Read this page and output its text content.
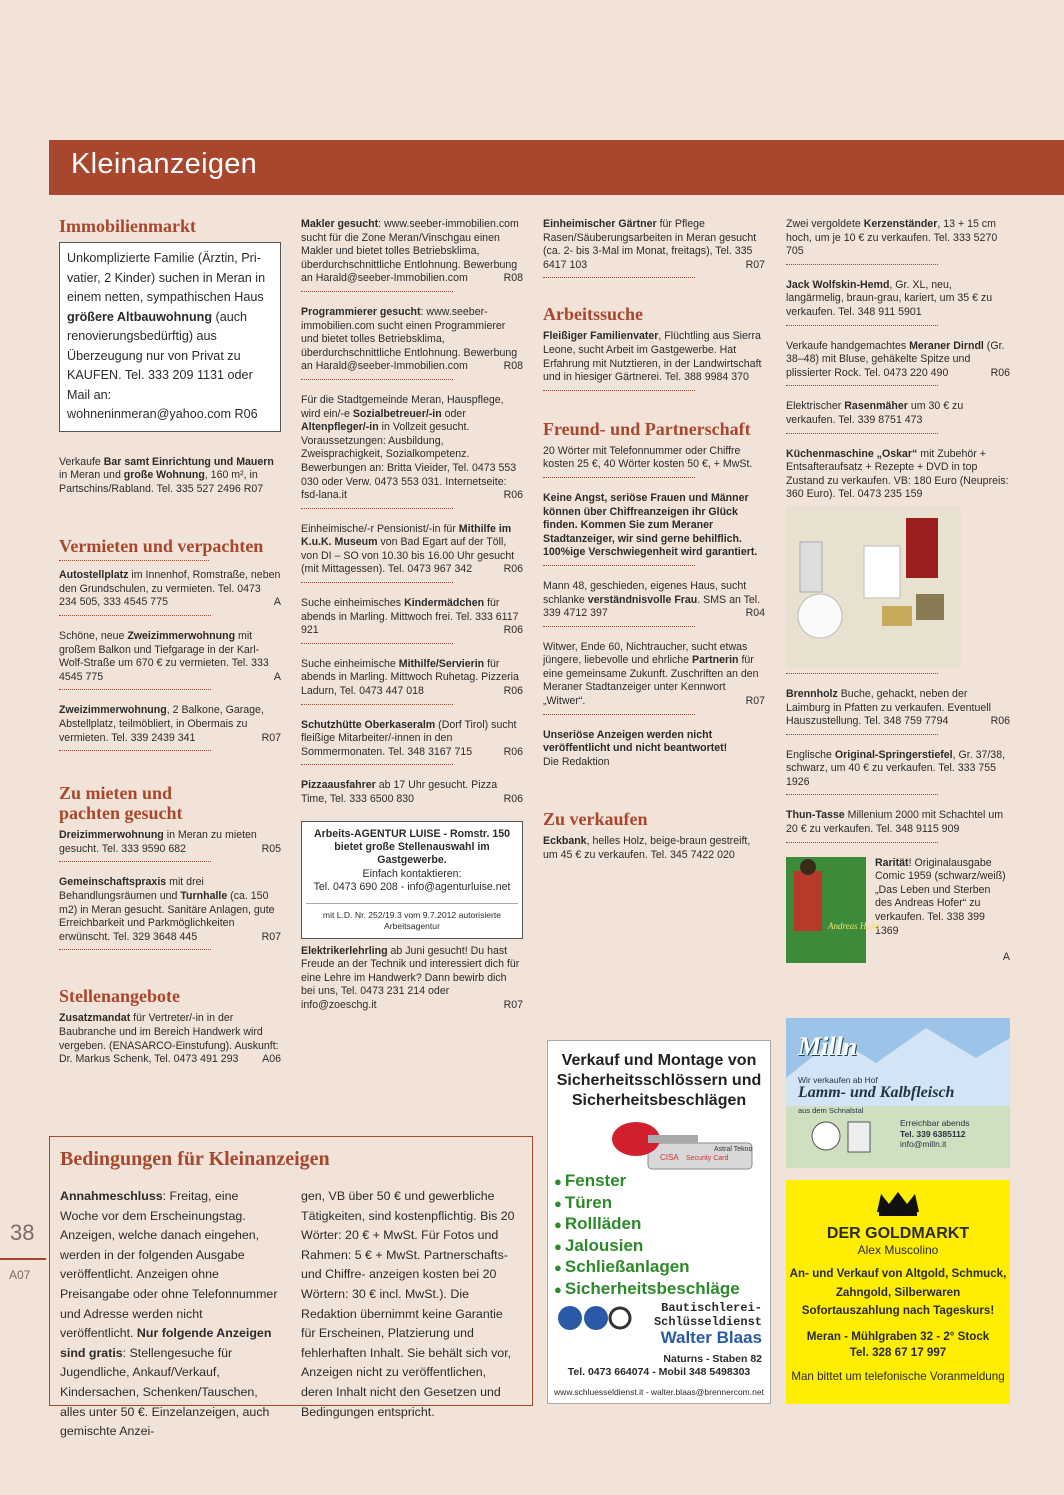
Kleinanzeigen
Immobilienmarkt
Unkomplizierte Familie (Ärztin, Pri- vatier, 2 Kinder) suchen in Meran in einem netten, sympathischen Haus größere Altbauwohnung (auch renovierungsbedürftig) aus Überzeugung nur von Privat zu KAUFEN. Tel. 333 209 1131 oder Mail an: wohneninmeran@yahoo.com R06

Verkaufe Bar samt Einrichtung und Mauern in Meran und große Wohnung, 160 m², in Partschins/Rabland. Tel. 335 527 2496 R07

Vermieten und verpachten

Autostellplatz im Innenhof, Romstraße, neben den Grundschulen, zu vermieten. Tel. 0473 234 505, 333 4545 775	A

Schöne, neue Zweizimmerwohnung mit großem Balkon und Tiefgarage in der Karl-Wolf-Straße um 670 € zu vermieten. Tel. 333 4545 775	A

Zweizimmerwohnung, 2 Balkone, Garage, Abstellplatz, teilmöbliert, in Obermais zu vermieten. Tel. 339 2439 341	R07
Zu mieten und
pachten gesucht

Dreizimmerwohnung in Meran zu mieten gesucht. Tel. 333 9590 682	R05

Gemeinschaftspraxis mit drei Behandlungsräumen und Turnhalle (ca. 150 m2) in Meran gesucht. Sanitäre Anlagen, gute Erreichbarkeit und Parkmöglichkeiten erwünscht. Tel. 329 3648 445	R07
Stellenangebote

Zusatzmandat für Vertreter/-in in der Baubranche und im Bereich Handwerk wird vergeben. (ENASARCO-Einstufung). Auskunft: Dr. Markus Schenk, Tel. 0473 491 293	A06

Makler gesucht: www.seeber-immobilien.com sucht für die Zone Meran/Vinschgau einen Makler und bietet tolles Betriebsklima, überdurchschnittliche Entlohnung. Bewerbung an Harald@seeber-Immobilien.com	R08

Programmierer gesucht: www.seeber-immobilien.com sucht einen Programmierer und bietet tolles Betriebsklima, überdurchschnittliche Entlohnung. Bewerbung an Harald@seeber-Immobilien.com	R08

Für die Stadtgemeinde Meran, Hauspflege, wird ein/-e Sozialbetreuer/-in oder Altenpfleger/-in in Vollzeit gesucht. Voraussetzungen: Ausbildung, Zweisprachigkeit, Sozialkompetenz. Bewerbungen an: Britta Vieider, Tel. 0473 553 030 oder Verw. 0473 553 031. Internetseite: fsd-lana.it	R06

Einheimische/-r Pensionist/-in für Mithilfe im K.u.K. Museum von Bad Egart auf der Töll, von DI – SO von 10.30 bis 16.00 Uhr gesucht (mit Mittagessen). Tel. 0473 967 342	R06

Suche einheimisches Kindermädchen für abends in Marling. Mittwoch frei. Tel. 333 6117 921	R06

Suche einheimische Mithilfe/Servierin für abends in Marling. Mittwoch Ruhetag. Pizzeria Ladurn, Tel. 0473 447 018	R06

Schutzhütte Oberkaseralm (Dorf Tirol) sucht fleißige Mitarbeiter/-innen in den Sommermonaten. Tel. 348 3167 715	R06

Pizzaausfahrer ab 17 Uhr gesucht. Pizza Time, Tel. 333 6500 830	R06
Arbeits-AGENTUR LUISE - Romstr. 150 bietet große Stellenauswahl im Gastgewerbe.
Einfach kontaktieren:
Tel. 0473 690 208 - info@agenturluise.net
mit L.D. Nr. 252/19.3 vom 9.7.2012 autorisierte Arbeitsagentur

Elektrikerlehrling ab Juni gesucht! Du hast Freude an der Technik und interessiert dich für eine Lehre im Handwerk? Dann bewirb dich bei uns, Tel. 0473 231 214 oder info@zoeschg.it	R07

Einheimischer Gärtner für Pflege Rasen/Säuberungsarbeiten in Meran gesucht (ca. 2- bis 3-Mal im Monat, freitags), Tel. 335 6417 103	R07
Arbeitssuche

Fleißiger Familienvater, Flüchtling aus Sierra Leone, sucht Arbeit im Gastgewerbe. Hat Erfahrung mit Nutztieren, in der Landwirtschaft und in hiesiger Gärtnerei. Tel. 388 9984 370

Freund- und Partnerschaft

20 Wörter mit Telefonnummer oder Chiffre kosten 25 €, 40 Wörter kosten 50 €, + MwSt.

Keine Angst, seriöse Frauen und Männer können über Chiffreanzeigen ihr Glück finden. Kommen Sie zum Meraner Stadtanzeiger, wir sind gerne behilflich. 100%ige Verschwiegenheit wird garantiert.

Mann 48, geschieden, eigenes Haus, sucht schlanke verständnisvolle Frau. SMS an Tel. 339 4712 397	R04

Witwer, Ende 60, Nichtraucher, sucht etwas jüngere, liebevolle und ehrliche Partnerin für eine gemeinsame Zukunft. Zuschriften an den Meraner Stadtanzeiger unter Kennwort „Witwer“.	R07

Unseriöse Anzeigen werden nicht veröffentlicht und nicht beantwortet!
Die Redaktion

Zu verkaufen

Eckbank, helles Holz, beige-braun gestreift, um 45 € zu verkaufen. Tel. 345 7422 020

Verkauf und Montage von Sicherheitsschlössern und Sicherheitsbeschlägen
CISA Security Card
Astral Tekno
● Fenster
● Türen
● Rollläden
● Jalousien
● Schließanlagen
● Sicherheitsbeschläge
Bautischlerei-
Schlüsseldienst
Walter Blaas
Naturns - Staben 82
Tel. 0473 664074 - Mobil 348 5498303
www.schluesseldienst.it - walter.blaas@brennercom.net

Zwei vergoldete Kerzenständer, 13 + 15 cm hoch, um je 10 € zu verkaufen. Tel. 333 5270 705

Jack Wolfskin-Hemd, Gr. XL, neu, langärmelig, braun-grau, kariert, um 35 € zu verkaufen. Tel. 348 911 5901

Verkaufe handgemachtes Meraner Dirndl (Gr. 38–48) mit Bluse, gehäkelte Spitze und plissierter Rock. Tel. 0473 220 490	R06

Elektrischer Rasenmäher um 30 € zu verkaufen. Tel. 339 8751 473

Küchenmaschine „Oskar“ mit Zubehör + Entsafteraufsatz + Rezepte + DVD in top Zustand zu verkaufen. VB: 180 Euro (Neupreis: 360 Euro). Tel. 0473 235 159

Brennholz Buche, gehackt, neben der Laimburg in Pfatten zu verkaufen. Eventuell Hauszustellung. Tel. 348 759 7794	R06

Englische Original-Springerstiefel, Gr. 37/38, schwarz, um 40 € zu verkaufen. Tel. 333 755 1926

Thun-Tasse Millenium 2000 mit Schachtel um 20 € zu verkaufen. Tel. 348 9115 909

Andreas Hofer

Rarität! Originalausgabe Comic 1959 (schwarz/weiß) „Das Leben und Sterben des Andreas Hofer“ zu verkaufen. Tel. 338 399 1369

A
Milln
Wir verkaufen ab Hof
Lamm- und Kalbfleisch
aus dem Schnalstal
Erreichbar abends
Tel. 339 6385112
info@milln.it
DER GOLDMARKT
Alex Muscolino
An- und Verkauf von Altgold, Schmuck, Zahngold, Silberwaren Sofortauszahlung nach Tageskurs!
Meran - Mühlgraben 32 - 2° Stock
Tel. 328 67 17 997
Man bittet um telefonische Voranmeldung
Bedingungen für Kleinanzeigen
Annahmeschluss: Freitag, eine Woche vor dem Erscheinungstag. Anzeigen, welche danach eingehen, werden in der folgenden Ausgabe veröffentlicht. Anzeigen ohne Preisangabe oder ohne Telefonnummer und Adresse werden nicht veröffentlicht. Nur folgende Anzeigen sind gratis: Stellengesuche für Jugendliche, Ankauf/Verkauf, Kindersachen, Schenken/Tauschen, alles unter 50 €. Einzelanzeigen, auch gemischte Anzei-
gen, VB über 50 € und gewerbliche Tätigkeiten, sind kostenpflichtig. Bis 20 Wörter: 20 € + MwSt. Für Fotos und Rahmen: 5 € + MwSt. Partnerschafts- und Chiffre- anzeigen kosten bei 20 Wörtern: 30 € incl. MwSt.). Die Redaktion übernimmt keine Garantie für Erscheinen, Platzierung und fehlerhaften Inhalt. Sie behält sich vor, Anzeigen nicht zu veröffentlichen, deren Inhalt nicht den Gesetzen und Bedingungen entspricht.
38
A07
